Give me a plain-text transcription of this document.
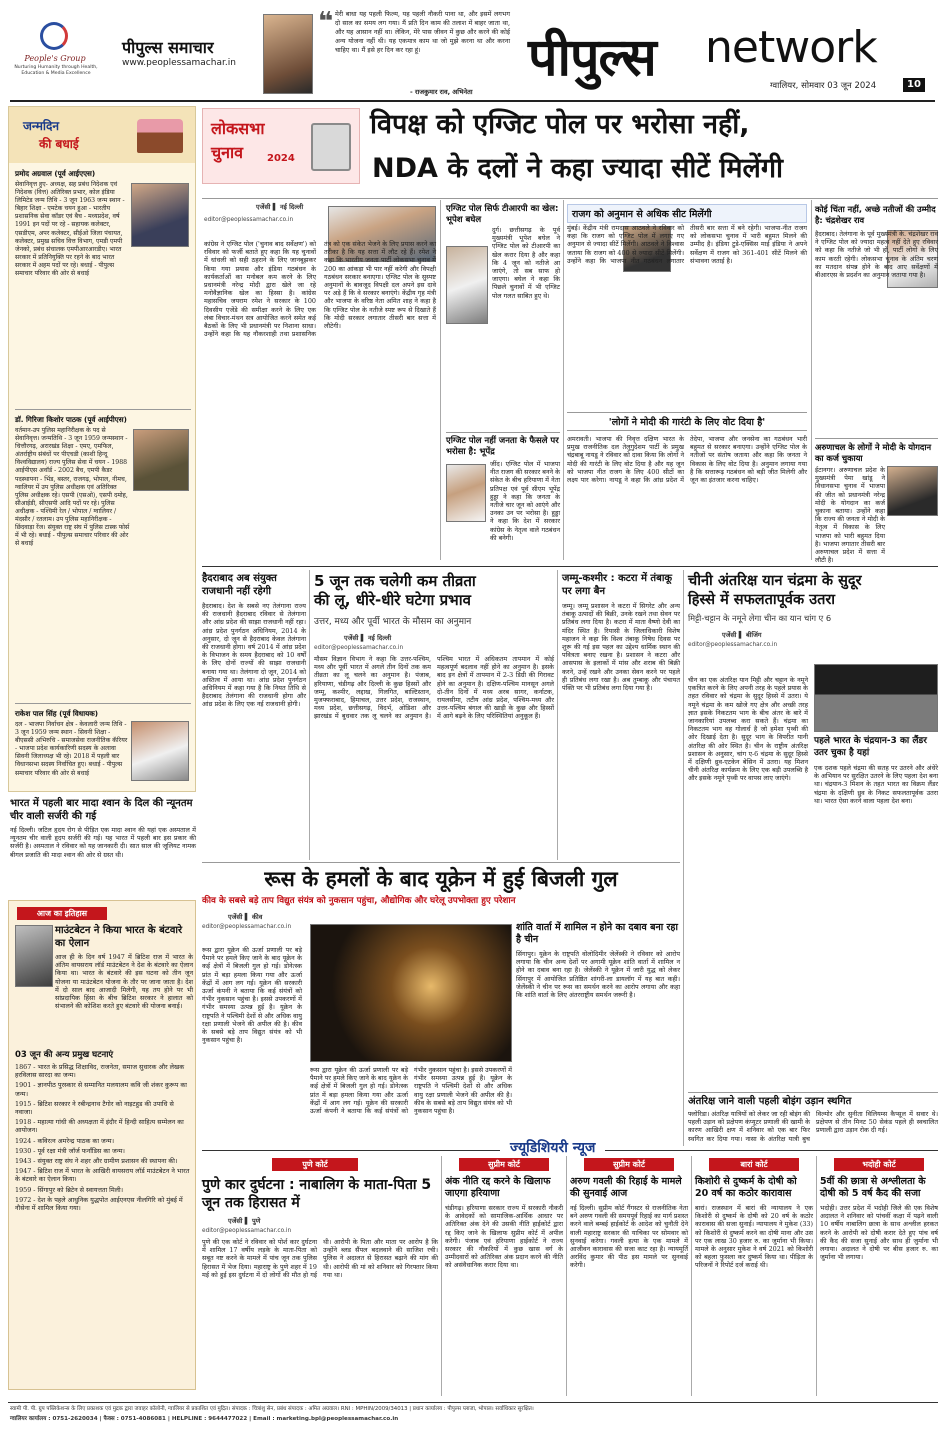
People's Group
Nurturing Humanity through Health, Education & Media Excellence
पीपुल्स समाचार
www.peoplessamachar.in
❝ मेरी बाधा यह पहली फिल्म, यह पहली नौकरी पाना था, और इसमें लगभग दो साल का समय लग गया। मैं प्रति दिन काम की तलाश में बाहर जाता था, और यह आसान नहीं था। लेकिन, मेरे पास जीवन में कुछ और करने की कोई अन्य योजना नहीं थी। यह एकमात्र काम था जो मुझे करना था और करना चाहिए था। मैं इसे हर दिन कर रहा हूं।
- राजकुमार राव, अभिनेता
पीपुल्स network
ग्वालियर, सोमवार 03 जून 2024	10
जन्मदिन
की बधाई
प्रमोद अग्रवाल (पूर्व आईएएस)
सेवानिवृत्त हुए- अध्यक्ष, सह प्रबंध निदेशक एवं निदेशक (वित्त) अतिरिक्त प्रभार, कोल इंडिया लिमिटेड जन्म तिथि - 3 जून 1963 जन्म स्थान - बिहार शिक्षा - एमटेक चयन हुआ - भारतीय प्रशासनिक सेवा कॉडर एवं बैच - मध्यप्रदेश, वर्ष 1991 इन पदों पर रहे - सहायक कलेक्टर, एसडीएम, अपर कलेक्टर, सीईओ जिला पंचायत, कलेक्टर, प्रमुख सचिव वित्त विभाग, एमडी एमपी जेनको, प्रबंध संचालक एमपीआरआरडीए। भारत सरकार में प्रतिनियुक्ति पर रहने के बाद भारत सरकार में अहम पदों पर रहे। बधाई - पीपुल्स समाचार परिवार की ओर से बधाई
डॉ. गिरिजा किशोर पाठक (पूर्व आईपीएस)
वर्तमान-उप पुलिस महानिरीक्षक के पद से सेवानिवृत्त। जन्मतिथि - 3 जून 1959 जन्मस्थान - चित्तौरगढ़, अरारखंड शिक्षा - एमए, एमफिल, अंतर्राष्ट्रीय संबंधों पर पीएचडी (काशी हिन्दू विश्वविद्यालय) राज्य पुलिस सेवा में चयन - 1988 आईपीएस अवॉर्ड - 2002 बैच, एमपी कैडर पदस्थापना - भिंड, बस्तर, राजगढ़, भोपाल, नीमच, ग्वालियर में उप पुलिस अधीक्षक एवं अतिरिक्त पुलिस अधीक्षक रहे। एसपी (एसओ), एसपी दमोह, सीआईडी, सीएसपी आदि पदों पर रहे। पुलिस अधीक्षक - पश्चिमी रेल / भोपाल / ग्वालियर / मंदसौर / रतलाम। उप पुलिस महानिरीक्षक - छिंदवाड़ा रेंज। संयुक्त राष्ट्र संघ में पुलिस टास्क फोर्स में भी रहे। बधाई - पीपुल्स समाचार परिवार की ओर से बधाई
राकेश पाल सिंह (पूर्व विधायक)
दल - भाजपा निर्वाचन क्षेत्र - केवलारी जन्म तिथि - 3 जून 1959 जन्म स्थान - सिवनी शिक्षा - बीएससी अभिरुचि - समाजसेवा राजनीतिक कॅरियर - भाजपा प्रदेश कार्यकारिणी सदस्य के अलावा सिवनी जिलाध्यक्ष भी रहे। 2018 में पहली बार विधानसभा सदस्य निर्वाचित हुए। बधाई - पीपुल्स समाचार परिवार की ओर से बधाई
भारत में पहली बार मादा श्वान के दिल की न्यूनतम चीर वाली सर्जरी की गई
नई दिल्ली। जटिल हृदय रोग से पीड़ित एक मादा श्वान की यहां एक अस्पताल में न्यूनतम चीर वाली हृदय सर्जरी की गई। यह भारत में पहली बार इस प्रकार की सर्जरी है। अस्पताल ने रविवार को यह जानकारी दी। सात साल की जूलियट नामक बीगल प्रजाति की मादा श्वान की ओर से ग्रस्त थी।
आज का इतिहास
माउंटबेटन ने किया भारत के बंटवारे का ऐलान
आज ही के दिन वर्ष 1947 में ब्रिटिश राज में भारत के अंतिम वायसराय लॉर्ड माउंटबेटन ने देश के बंटवारे का ऐलान किया था। भारत के बंटवारे की इस घटना को तीन जून योजना या माउंटबेटन योजना के तौर पर जाना जाता है। देश में दो साल बाद आजादी मिलेगी, यह तय होने पर भी सांप्रदायिक हिंसा के बीच ब्रिटिश सरकार ने हालात को संभालने की कोशिश करते हुए बंटवारे की योजना बनाई।
03 जून की अन्य प्रमुख घटनाएं
1867 - भारत के प्रसिद्ध शिक्षाविद, राजनेता, समाज सुधारक और लेखक हरविलास सारदा का जन्म।
1901 - ज्ञानपीठ पुरस्कार से सम्मानित मलयालम कवि जी शंकर कुरूप का जन्म।
1915 - ब्रिटिश सरकार ने रबीन्द्रनाथ टैगोर को नाइटहुड की उपाधि से नवाजा।
1918 - महात्मा गांधी की अध्यक्षता में इंदौर में हिन्दी साहित्य सम्मेलन का आयोजन।
1924 - कविरत्न अमरेन्द्र पाठक का जन्म।
1930 - पूर्व रक्षा मंत्री जॉर्ज फर्नांडिस का जन्म।
1943 - संयुक्त राष्ट्र संघ ने शहर और ग्रामीण प्रशासन की स्थापना की।
1947 - ब्रिटिश राज में भारत के आखिरी वायसराय लॉर्ड माउंटबेटन ने भारत के बंटवारे का ऐलान किया।
1959 - सिंगापुर को ब्रिटेन से स्वायत्तता मिली।
1972 - देश के पहले आधुनिक युद्धपोत आईएनएस नीलगिरि को मुंबई में नौसेना में शामिल किया गया।
लोकसभा
चुनाव 2024
विपक्ष को एग्जिट पोल पर भरोसा नहीं,
NDA के दलों ने कहा ज्यादा सीटें मिलेंगी
एजेंसी ▌ नई दिल्ली
editor@peoplessamachar.co.in
कांग्रेस ने एग्जिट पोल ('चुनाव बाद सर्वेक्षण') को रविवार को फर्जी बताते हुए कहा कि यह चुनावों में धांधली को सही ठहराने के लिए जानबूझकर किया गया प्रयास और इंडिया गठबंधन के कार्यकर्ताओं का मनोबल कम करने के लिए प्रधानमंत्री नरेन्द्र मोदी द्वारा खेले जा रहे मनोवैज्ञानिक खेल का हिस्सा है। कांग्रेस महासचिव जयराम रमेश ने सरकार के 100 दिवसीय एजेंडे की समीक्षा करने के लिए एक लंबा विचार-मंथन सत्र आयोजित करने समेत कई बैठकों के लिए भी प्रधानमंत्री पर निशाना साधा। उन्होंने कहा कि यह नौकरशाही तथा प्रशासनिक तंत्र को एक संकेत भेजने के लिए प्रयास करने का तरीका है कि यह सत्ता में लौट रहे हैं। रमेश ने कहा कि भारतीय जनता पार्टी लोकसभा चुनाव में 200 का आंकड़ा भी पार नहीं करेगी और विपक्षी गठबंधन सरकार बनाएगा। एग्जिट पोल के सुस्पष्ट अनुमानों के बावजूद विपक्षी दल अपने इस दावे पर अड़े हैं कि वे सरकार बनाएंगे। केंद्रीय गृह मंत्री और भाजपा के वरिष्ठ नेता अमित शाह ने कहा है कि एग्जिट पोल के नतीजे स्पष्ट रूप से दिखाते हैं कि मोदी सरकार लगातार तीसरी बार सत्ता में लौटेगी।
एग्जिट पोल सिर्फ टीआरपी का खेल: भूपेश बघेल
दुर्ग। छत्तीसगढ़ के पूर्व मुख्यमंत्री भूपेश बघेल ने एग्जिट पोल को टीआरपी का खेल करार दिया है और कहा कि 4 जून को नतीजे आ जाएंगे, तो सब साफ हो जाएगा। बघेल ने कहा कि पिछले चुनावों में भी एग्जिट पोल गलत साबित हुए थे।
एग्जिट पोल नहीं जनता के फैसले पर भरोसा है: भूपेंद्र
जींद। एग्जिट पोल में भाजपा नीत राजग की सरकार बनने के संकेत के बीच हरियाणा में नेता प्रतिपक्ष एवं पूर्व सीएम भूपेंद्र हुड्डा ने कहा कि जनता के नतीजे चार जून को आएंगे और उनका उन पर भरोसा है। हुड्डा ने कहा कि देश में सरकार कांग्रेस के नेतृत्व वाले गठबंधन की बनेगी।
राजग को अनुमान से अधिक सीट मिलेंगी
मुंबई। केंद्रीय मंत्री रामदास आठवले ने रविवार को कहा कि राजग को एग्जिट पोल में लगाए गए अनुमान से ज्यादा सीटें मिलेंगी। आठवले ने विश्वास जताया कि राजग को 400 से ज्यादा सीटें मिलेंगी। उन्होंने कहा कि भाजपा नीत गठबंधन लगातार तीसरी बार सत्ता में बने रहेगी। भाजपा-नीत राजग को लोकसभा चुनाव में भारी बहुमत मिलने की उम्मीद है। इंडिया टुडे-एक्सिस माई इंडिया ने अपने सर्वेक्षण में राजग को 361-401 सीटें मिलने की संभावना जताई है।
'लोगों ने मोदी की गारंटी के लिए वोट दिया है'
अमरावती। भाजपा की निवृत्त दक्षिण भारत के प्रमुख राजनीतिक दल तेलुगुदेशम पार्टी के प्रमुख चंद्रबाबू नायडू ने रविवार को दावा किया कि लोगों ने मोदी की गारंटी के लिए वोट दिया है और यह जून को भाजपा नीत राजग के लिए 400 सीटों का लक्ष्य पार करेगा। नायडू ने कहा कि आंध्र प्रदेश में तेदेपा, भाजपा और जनसेना का गठबंधन भारी बहुमत से सरकार बनाएगा। उन्होंने एग्जिट पोल के नतीजों पर संतोष जताया और कहा कि जनता ने विकास के लिए वोट दिया है। अनुमान लगाया गया है कि सत्तारूढ़ गठबंधन को बड़ी जीत मिलेगी और जून का इंतजार करना चाहिए।
कोई चिंता नहीं, अच्छे नतीजों की उम्मीद है: चंद्रशेखर राव
हैदराबाद। तेलंगाना के पूर्व मुख्यमंत्री के. चंद्रशेखर राव ने एग्जिट पोल को ज्यादा महत्व नहीं देते हुए रविवार को कहा कि नतीजे जो भी हों, पार्टी लोगों के लिए काम करती रहेगी। लोकसभा चुनाव के अंतिम चरण का मतदान संपन्न होने के बाद आए सर्वेक्षणों में बीआरएस के प्रदर्शन का अनुमान जताया गया है।
अरुणाचल के लोगों ने मोदी के योगदान का कर्ज चुकाया
ईटानगर। अरुणाचल प्रदेश के मुख्यमंत्री पेमा खांडू ने विधानसभा चुनाव में भाजपा की जीत को प्रधानमंत्री नरेन्द्र मोदी के योगदान का कर्ज चुकाना बताया। उन्होंने कहा कि राज्य की जनता ने मोदी के नेतृत्व में विकास के लिए भाजपा को भारी बहुमत दिया है। भाजपा लगातार तीसरी बार अरुणाचल प्रदेश में सत्ता में लौटी है।
हैदराबाद अब संयुक्त राजधानी नहीं रहेगी
हैदराबाद। देश के सबसे नए तेलंगाना राज्य की राजधानी हैदराबाद रविवार से तेलंगाना और आंध्र प्रदेश की साझा राजधानी नहीं रहा। आंध्र प्रदेश पुनर्गठन अधिनियम, 2014 के अनुसार, दो जून से हैदराबाद केवल तेलंगाना की राजधानी होगा। वर्ष 2014 में आंध्र प्रदेश के विभाजन के समय हैदराबाद को 10 वर्षों के लिए दोनों राज्यों की साझा राजधानी बनाया गया था। तेलंगाना दो जून, 2014 को अस्तित्व में आया था। आंध्र प्रदेश पुनर्गठन अधिनियम में कहा गया है कि नियत तिथि से हैदराबाद तेलंगाना की राजधानी होगा और आंध्र प्रदेश के लिए एक नई राजधानी होगी।
5 जून तक चलेगी कम तीव्रता
की लू, धीरे-धीरे घटेगा प्रभाव
उत्तर, मध्य और पूर्वी भारत के मौसम का अनुमान
एजेंसी ▌ नई दिल्ली
editor@peoplessamachar.co.in
मौसम विज्ञान विभाग ने कहा कि उत्तर-पश्चिम, मध्य और पूर्वी भारत में अगले तीन दिनों तक कम तीव्रता का लू चलने का अनुमान है। पंजाब, हरियाणा, चंडीगढ़ और दिल्ली के कुछ हिस्सों और जम्मू, कश्मीर, लद्दाख, गिलगित, बाल्टिस्तान, मुजफ्फराबाद, हिमाचल, उत्तर प्रदेश, राजस्थान, मध्य प्रदेश, छत्तीसगढ़, विदर्भ, ओडिशा और झारखंड में बुधवार तक लू चलने का अनुमान है। पश्चिम भारत में अधिकतम तापमान में कोई महत्वपूर्ण बदलाव नहीं होने का अनुमान है। इसके बाद इन क्षेत्रों में तापमान में 2-3 डिग्री की गिरावट होने का अनुमान है। दक्षिण-पश्चिम मानसून अगले दो-तीन दिनों में मध्य अरब सागर, कर्नाटक, रायलसीमा, तटीय आंध्र प्रदेश, पश्चिम-मध्य और उत्तर-पश्चिम बंगाल की खाड़ी के कुछ और हिस्सों में आगे बढ़ने के लिए परिस्थितियां अनुकूल हैं।
जम्मू-कश्मीर : कटरा में तंबाकू पर लगा बैन
जम्मू। जम्मू प्रशासन ने कटरा में सिगरेट और अन्य तंबाकू उत्पादों की बिक्री, उनके रखने तथा सेवन पर प्रतिबंध लगा दिया है। कटरा में माता वैष्णो देवी का मंदिर स्थित है। रियासी के जिलाधिकारी विशेष महाजन ने कहा कि विश्व तंबाकू निषेध दिवस पर शुरू की गई इस पहल का उद्देश्य धार्मिक स्थान की पवित्रता बनाए रखना है। प्रशासन ने कटरा और आसपास के इलाकों में मांस और शराब की बिक्री करने, उन्हें रखने और उनका सेवन करने पर पहले ही प्रतिबंध लगा रखा है। अब तुम्बाकू और पंचायत पंक्ति पर भी प्रतिबंध लगा दिया गया है।
चीनी अंतरिक्ष यान चंद्रमा के सुदूर
हिस्से में सफलतापूर्वक उतरा
मिट्टी-चट्टान के नमूने लेगा चीन का यान चांग ए 6
एजेंसी ▌ बीजिंग
editor@peoplessamachar.co.in
चीन का एक अंतरिक्ष यान मिट्टी और चट्टान के नमूने एकत्रित करने के लिए अपनी तरह के पहले प्रयास के तहत रविवार को चंद्रमा के सुदूर हिस्से में उतरा। ये नमूने चंद्रमा के कम खोजे गए क्षेत्र और अच्छी तरह ज्ञात इसके निकटतम भाग के बीच अंतर के बारे में जानकारियां उपलब्ध करा सकते हैं। चंद्रमा का निकटतम भाग वह गोलार्ध है जो हमेशा पृथ्वी की ओर दिखाई देता है। सुदूर भाग के विपरीत यानी अंतरिक्ष की ओर स्थित है। चीन के राष्ट्रीय अंतरिक्ष प्रशासन के अनुसार, चांग ए-6 चंद्रमा के सुदूर हिस्से में दक्षिणी ध्रुव-एटकेन बेसिन में उतरा। यह मिशन चीनी अंतरिक्ष कार्यक्रम के लिए एक बड़ी उपलब्धि है और इसके नमूने पृथ्वी पर वापस लाए जाएंगे।
पहले भारत के चंद्रयान-3 का लैंडर उतर चुका है यहां
एक दशक पहले चंद्रमा की सतह पर उतरने और अंधेरे के अभियान पर सुरक्षित उतरने के लिए पहला देश बना था। चंद्रयान-3 मिशन के तहत भारत का विक्रम लैंडर चंद्रमा के दक्षिणी ध्रुव के निकट सफलतापूर्वक उतरा था। भारत ऐसा करने वाला पहला देश बना।
रूस के हमलों के बाद यूक्रेन में हुई बिजली गुल
कीव के सबसे बड़े ताप विद्युत संयंत्र को नुकसान पहुंचा, औद्योगिक और घरेलू उपभोक्ता हुए परेशान
एजेंसी ▌ कीव
editor@peoplessamachar.co.in
रूस द्वारा यूक्रेन की ऊर्जा प्रणाली पर बड़े पैमाने पर हमले किए जाने के बाद यूक्रेन के कई क्षेत्रों में बिजली गुल हो गई। डोनेत्स्क प्रांत में बड़ा हमला किया गया और ऊर्जा केंद्रों में आग लग गई। यूक्रेन की सरकारी ऊर्जा कंपनी ने बताया कि कई संयंत्रों को गंभीर नुकसान पहुंचा है। इससे उपकरणों में गंभीर समस्या उत्पन्न हुई है। यूक्रेन के राष्ट्रपति ने पश्चिमी देशों से और अधिक वायु रक्षा प्रणाली भेजने की अपील की है। कीव के सबसे बड़े ताप विद्युत संयंत्र को भी नुकसान पहुंचा है।
रूस द्वारा यूक्रेन की ऊर्जा प्रणाली पर बड़े पैमाने पर हमले किए जाने के बाद यूक्रेन के कई क्षेत्रों में बिजली गुल हो गई। डोनेत्स्क प्रांत में बड़ा हमला किया गया और ऊर्जा केंद्रों में आग लग गई। यूक्रेन की सरकारी ऊर्जा कंपनी ने बताया कि कई संयंत्रों को गंभीर नुकसान पहुंचा है। इससे उपकरणों में गंभीर समस्या उत्पन्न हुई है। यूक्रेन के राष्ट्रपति ने पश्चिमी देशों से और अधिक वायु रक्षा प्रणाली भेजने की अपील की है। कीव के सबसे बड़े ताप विद्युत संयंत्र को भी नुकसान पहुंचा है।
शांति वार्ता में शामिल न होने का दबाव बना रहा है चीन
सिंगापुर। यूक्रेन के राष्ट्रपति वोलोदिमीर जेलेंस्की ने रविवार को आरोप लगाया कि चीन अन्य देशों पर अगामी यूक्रेन शांति वार्ता में शामिल न होने का दबाव बना रहा है। जेलेंस्की ने यूक्रेन में जारी युद्ध को लेकर सिंगापुर में आयोजित प्रतिष्ठित शांगरी-ला डायलॉग में यह बात कही। जेलेंस्की ने चीन पर रूस का समर्थन करने का आरोप लगाया और कहा कि शांति वार्ता के लिए अंतरराष्ट्रीय समर्थन जरूरी है।
अंतरिक्ष जाने वाली पहली बोइंग उड़ान स्थगित
फ्लोरिडा। अंतरिक्ष यात्रियों को लेकर जा रही बोइंग की पहली उड़ान को प्रक्षेपण कंप्यूटर प्रणाली की खामी के कारण आखिरी क्षण में शनिवार को एक बार फिर स्थगित कर दिया गया। नासा के अंतरिक्ष यात्री बुच विल्मोर और सुनीता विलियम्स कैप्सूल में सवार थे। प्रक्षेपण से तीन मिनट 50 सेकंड पहले ही स्वचालित प्रणाली द्वारा उड़ान रोक दी गई।
ज्यूडिशियरी न्यूज
पुणे कोर्ट
पुणे कार दुर्घटना : नाबालिग के माता-पिता 5 जून तक हिरासत में
एजेंसी ▌ पुणे
editor@peoplessamachar.co.in
पुणे की एक कोर्ट ने रविवार को पोर्श कार दुर्घटना में शामिल 17 वर्षीय लड़के के माता-पिता को सबूत नष्ट करने के मामले में पांच जून तक पुलिस हिरासत में भेज दिया। महाराष्ट्र के पुणे शहर में 19 मई को हुई इस दुर्घटना में दो लोगों की मौत हो गई थी। आरोपी के पिता और माता पर आरोप है कि उन्होंने ब्लड सैंपल बदलवाने की साजिश रची। पुलिस ने अदालत से हिरासत बढ़ाने की मांग की थी। आरोपी की मां को शनिवार को गिरफ्तार किया गया था।
सुप्रीम कोर्ट
अंक नीति रद्द करने के खिलाफ जाएगा हरियाणा
चंडीगढ़। हरियाणा सरकार राज्य में सरकारी नौकरी के आवेदकों को सामाजिक-आर्थिक आधार पर अतिरिक्त अंक देने की उसकी नीति हाईकोर्ट द्वारा रद्द किए जाने के खिलाफ सुप्रीम कोर्ट में अपील करेगी। पंजाब एवं हरियाणा हाईकोर्ट ने राज्य सरकार की नौकरियों में कुछ खास वर्ग के उम्मीदवारों को अतिरिक्त अंक प्रदान करने की नीति को असंवैधानिक करार दिया था।
सुप्रीम कोर्ट
अरुण गवली की रिहाई के मामले की सुनवाई आज
नई दिल्ली। सुप्रीम कोर्ट गैंगस्टर से राजनीतिक नेता बने अरुण गवली की समयपूर्व रिहाई का मार्ग प्रशस्त करने वाले बम्बई हाईकोर्ट के आदेश को चुनौती देने वाली महाराष्ट्र सरकार की याचिका पर सोमवार को सुनवाई करेगा। गवली हत्या के एक मामले में आजीवन कारावास की सजा काट रहा है। न्यायमूर्ति अरविंद कुमार की पीठ इस मामले पर सुनवाई करेगी।
बारां कोर्ट
किशोरी से दुष्कर्म के दोषी को 20 वर्ष का कठोर कारावास
बारां। राजस्थान में बारां की न्यायालय ने एक किशोरी से दुष्कर्म के दोषी को 20 वर्ष के कठोर कारावास की सजा सुनाई। न्यायालय ने मुकेश (33) को किशोरी से दुष्कर्म करने का दोषी माना और उस पर एक लाख 30 हजार रु. का जुर्माना भी किया। मामले के अनुसार मुकेश ने वर्ष 2021 को किशोरी को बहला फुसला कर दुष्कर्म किया था। पीड़िता के परिजनों ने रिपोर्ट दर्ज कराई थी।
भदोही कोर्ट
5वीं की छात्रा से अश्लीलता के दोषी को 5 वर्ष कैद की सजा
भदोही। उत्तर प्रदेश में भदोही जिले की एक विशेष अदालत ने शनिवार को पांचवीं कक्षा में पढ़ने वाली 10 वर्षीय नाबालिग छात्रा के साथ अश्लील हरकत करने के आरोपी को दोषी करार देते हुए पांच वर्ष की कैद की सजा सुनाई और साथ ही जुर्माना भी लगाया। अदालत ने दोषी पर बीस हजार रु. का जुर्माना भी लगाया।
स्वामी पी. पी. ग्रुप पब्लिकेशन्स के लिए प्रकाशक एवं मुद्रक द्वारा जवाहर कॉलोनी, ग्वालियर से प्रकाशित एवं मुद्रित। संपादक : चित्रांशु सेन, प्रबंध संपादक : अमित अग्रवाल। RNI : MPHIN/2009/34013 | प्रधान कार्यालय : पीपुल्स प्लाजा, भोपाल। सर्वाधिकार सुरक्षित।
ग्वालियर कार्यालय : 0751-2620034 | फैक्स : 0751-4086081 | HELPLINE : 9644477022 | Email : marketing.bpl@peoplessamachar.co.in
